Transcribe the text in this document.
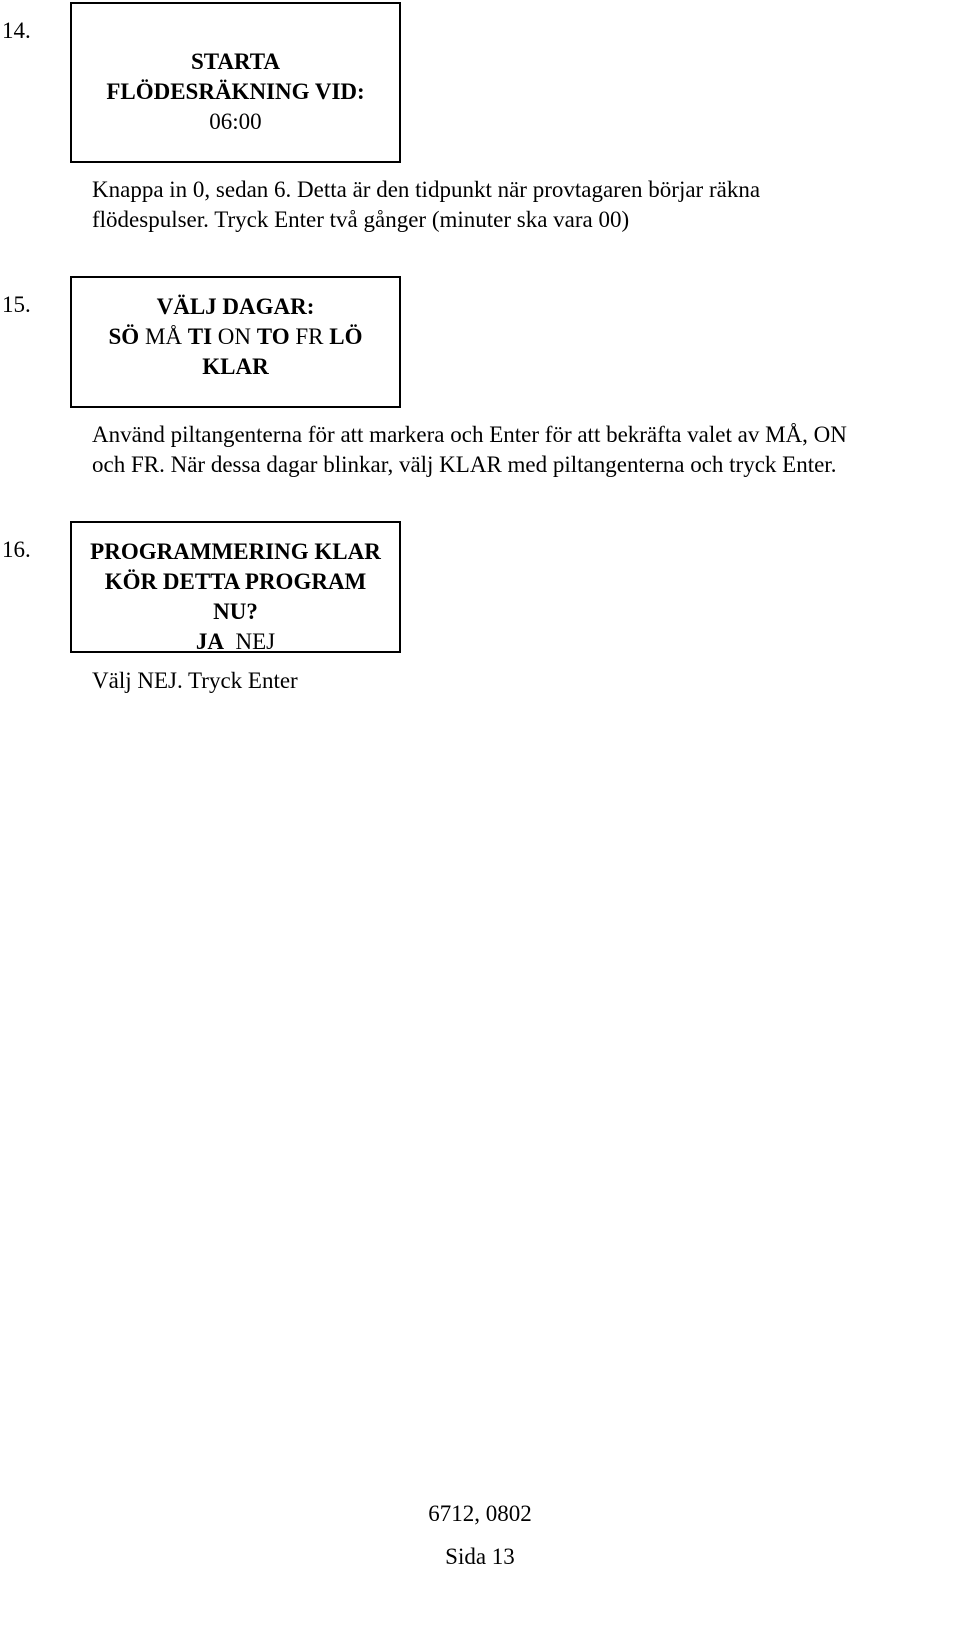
14.
STARTA
FLÖDESRÄKNING VID:
06:00
Knappa in 0, sedan 6. Detta är den tidpunkt när provtagaren börjar räkna
flödespulser. Tryck Enter två gånger (minuter ska vara 00)
15.	VÄLJ DAGAR:
SÖ MÅ TI ON TO FR LÖ
KLAR
Använd piltangenterna för att markera och Enter för att bekräfta valet av MÅ, ON
och FR. När dessa dagar blinkar, välj KLAR med piltangenterna och tryck Enter.
16.	PROGRAMMERING KLAR
KÖR DETTA PROGRAM
NU?
JA NEJ
Välj NEJ. Tryck Enter
6712, 0802
Sida 13
